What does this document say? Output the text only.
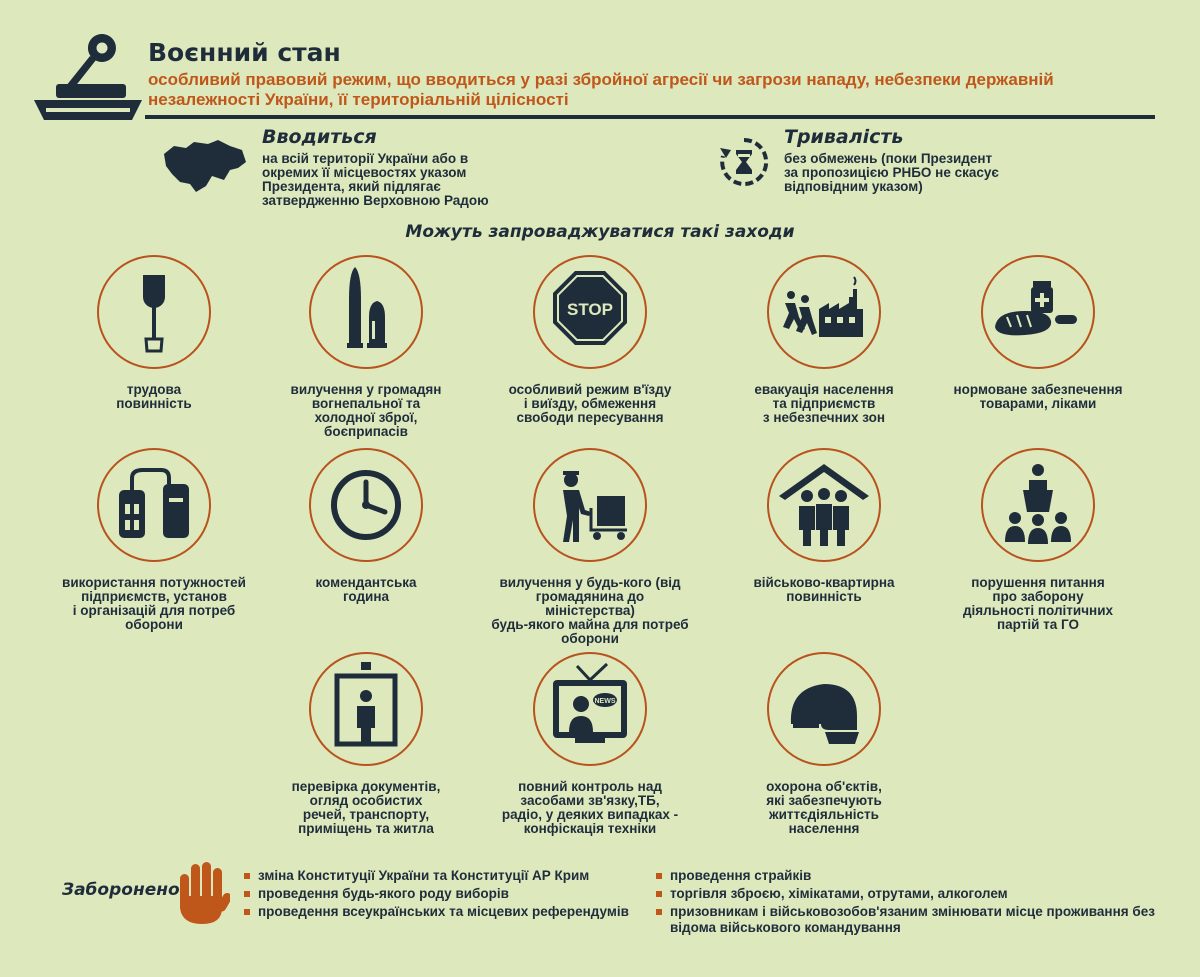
Воєнний стан
особливий правовий режим, що вводиться у разі збройної агресії чи загрози нападу, небезпеки державній незалежності України, її територіальній цілісності
Вводиться
на всій території України або в
окремих її місцевостях указом
Президента, який підлягає
затвердженню Верховною Радою
Тривалість
без обмежень (поки Президент
за пропозицією РНБО не скасує
відповідним указом)
Можуть запроваджуватися такі заходи
трудова
повинність
вилучення у громадян
вогнепальної та
холодної зброї,
боєприпасів
STOP
особливий режим в'їзду
і виїзду, обмеження
свободи пересування
евакуація населення
та підприємств
з небезпечних зон
нормоване забезпечення
товарами, ліками
використання потужностей
підприємств, установ
і організацій для потреб
оборони
комендантська
година
вилучення у будь-кого (від
громадянина до міністерства)
будь-якого майна для потреб
оборони
військово-квартирна
повинність
порушення питання
про заборону
діяльності політичних
партій та ГО
перевірка документів,
огляд особистих
речей, транспорту,
приміщень та житла
NEWS
повний контроль над
засобами зв'язку,ТБ,
радіо, у деяких випадках -
конфіскація техніки
охорона об'єктів,
які забезпечують
життєдіяльність
населення
Заборонено
зміна Конституції України та Конституції АР Крим
проведення будь-якого роду виборів
проведення всеукраїнських та місцевих референдумів
проведення страйків
торгівля зброєю, хімікатами, отрутами, алкоголем
призовникам і військовозобов'язаним змінювати місце проживання без відома військового командування
